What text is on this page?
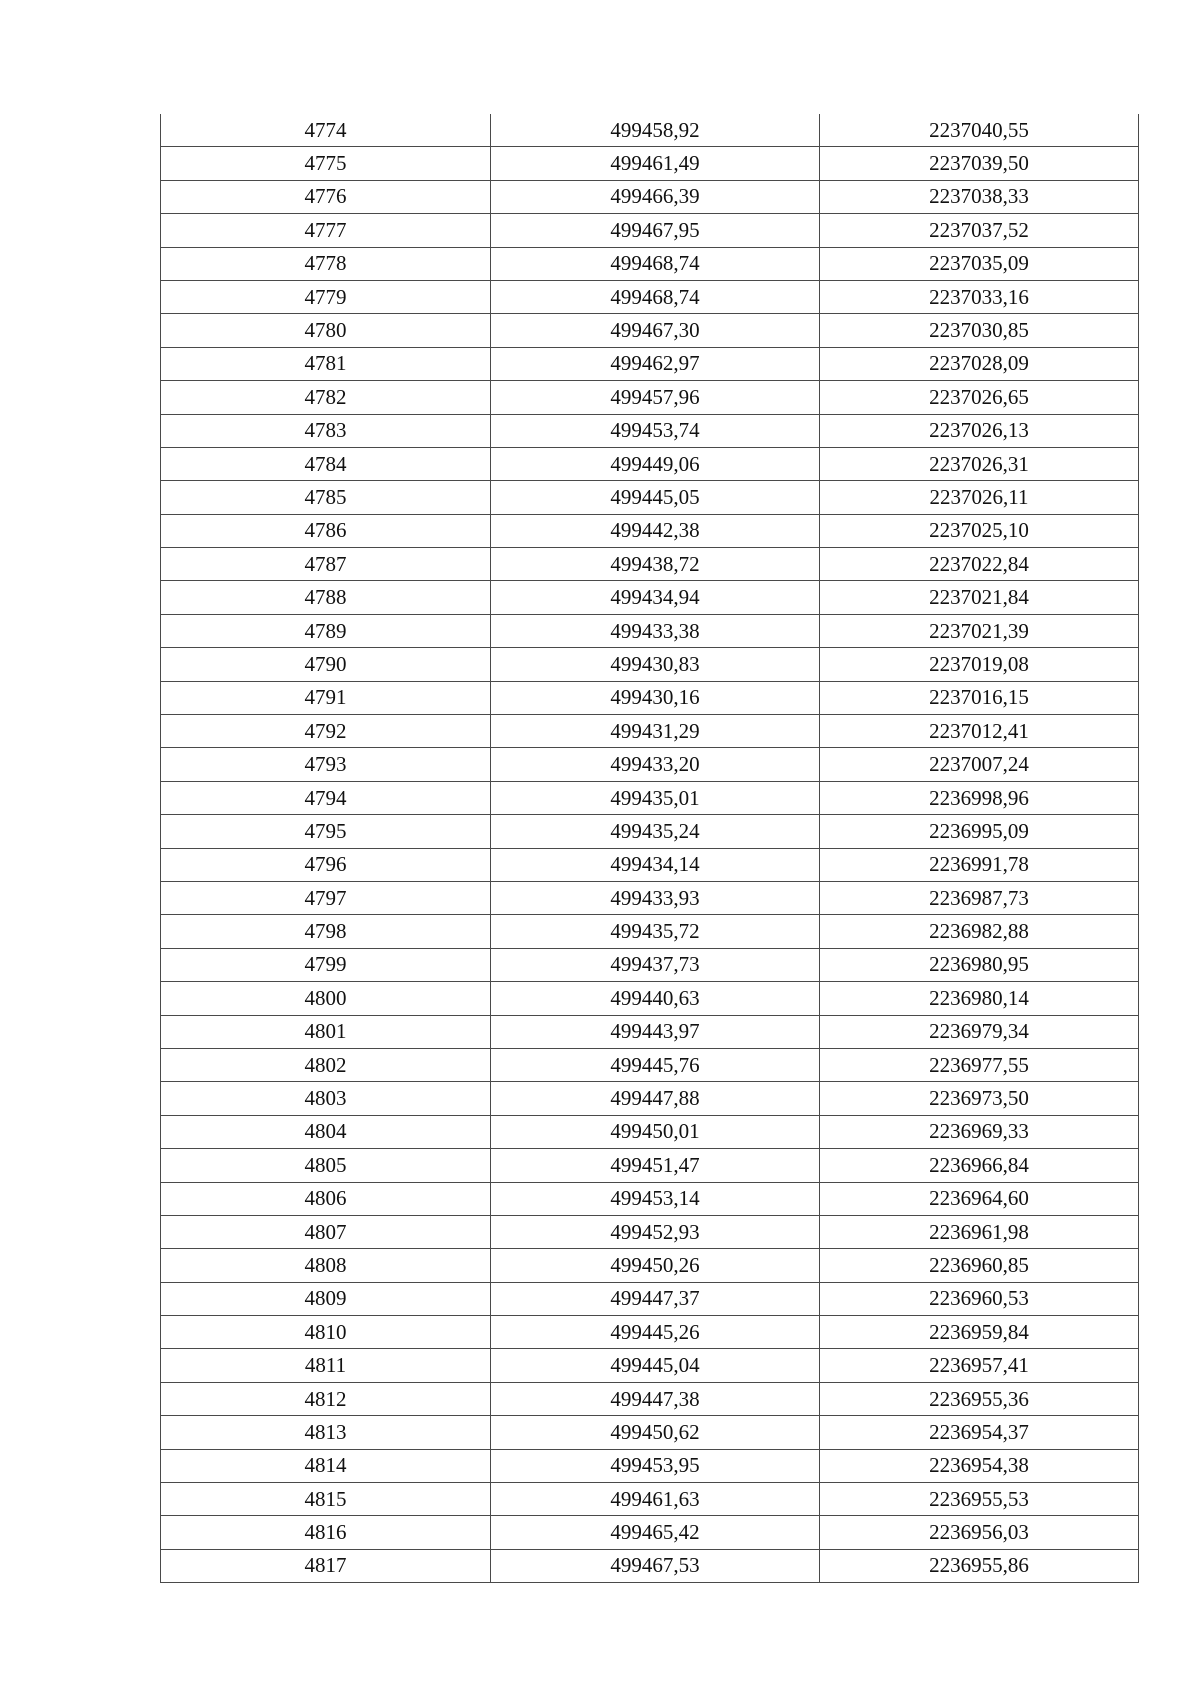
4774	499458,92	2237040,55
4775	499461,49	2237039,50
4776	499466,39	2237038,33
4777	499467,95	2237037,52
4778	499468,74	2237035,09
4779	499468,74	2237033,16
4780	499467,30	2237030,85
4781	499462,97	2237028,09
4782	499457,96	2237026,65
4783	499453,74	2237026,13
4784	499449,06	2237026,31
4785	499445,05	2237026,11
4786	499442,38	2237025,10
4787	499438,72	2237022,84
4788	499434,94	2237021,84
4789	499433,38	2237021,39
4790	499430,83	2237019,08
4791	499430,16	2237016,15
4792	499431,29	2237012,41
4793	499433,20	2237007,24
4794	499435,01	2236998,96
4795	499435,24	2236995,09
4796	499434,14	2236991,78
4797	499433,93	2236987,73
4798	499435,72	2236982,88
4799	499437,73	2236980,95
4800	499440,63	2236980,14
4801	499443,97	2236979,34
4802	499445,76	2236977,55
4803	499447,88	2236973,50
4804	499450,01	2236969,33
4805	499451,47	2236966,84
4806	499453,14	2236964,60
4807	499452,93	2236961,98
4808	499450,26	2236960,85
4809	499447,37	2236960,53
4810	499445,26	2236959,84
4811	499445,04	2236957,41
4812	499447,38	2236955,36
4813	499450,62	2236954,37
4814	499453,95	2236954,38
4815	499461,63	2236955,53
4816	499465,42	2236956,03
4817	499467,53	2236955,86
